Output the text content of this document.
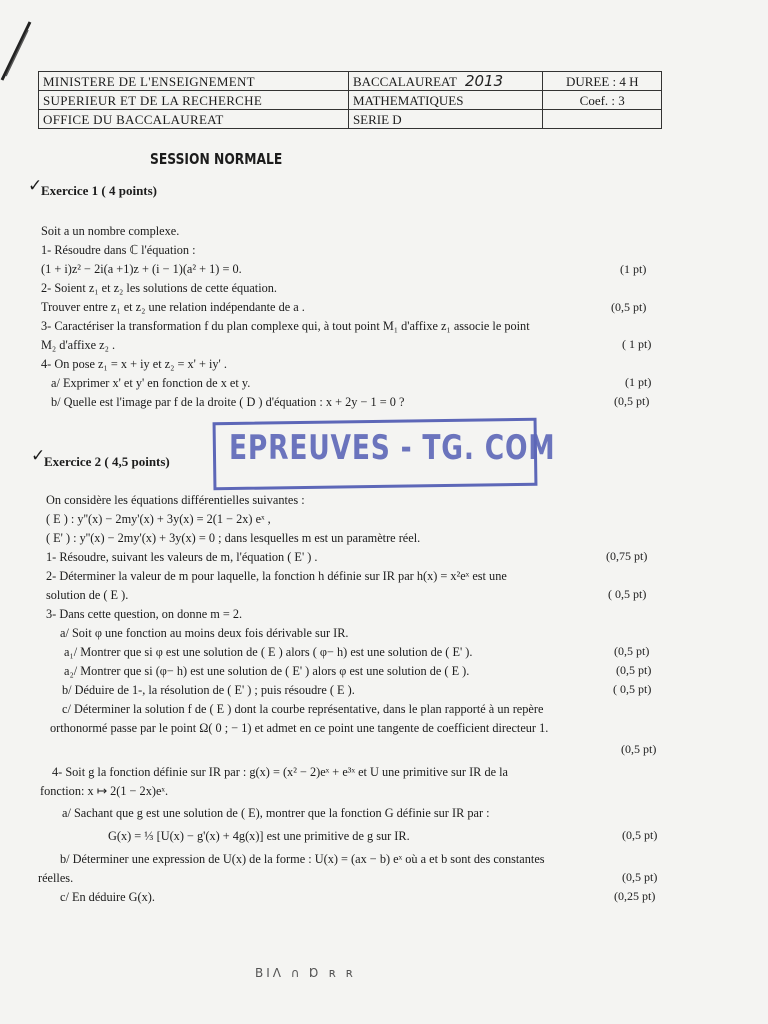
MINISTERE DE L'ENSEIGNEMENT	BACCALAUREAT 2013	DUREE : 4 H
SUPERIEUR ET DE LA RECHERCHE	MATHEMATIQUES	Coef. : 3
OFFICE DU BACCALAUREAT	SERIE D	
SESSION NORMALE
✓
Exercice 1 ( 4 points)
Soit a un nombre complexe.
1- Résoudre dans ℂ l'équation :
(1 + i)z² − 2i(a +1)z + (i − 1)(a² + 1) = 0.	(1 pt)
2- Soient z₁ et z₂ les solutions de cette équation.
Trouver entre z₁ et z₂ une relation indépendante de a .	(0,5 pt)
3- Caractériser la transformation f du plan complexe qui, à tout point M₁ d'affixe z₁ associe le point
M₂ d'affixe z₂ .	( 1 pt)
4- On pose z₁ = x + iy et z₂ = x' + iy' .
a/ Exprimer x' et y' en fonction de x et y.	(1 pt)
b/ Quelle est l'image par f de la droite ( D ) d'équation : x + 2y − 1 = 0 ?	(0,5 pt)
EPREUVES - TG. COM
✓
Exercice 2 ( 4,5 points)
On considère les équations différentielles suivantes :
( E ) : y''(x) − 2my'(x) + 3y(x) = 2(1 − 2x) eˣ ,
( E' ) : y''(x) − 2my'(x) + 3y(x) = 0 ; dans lesquelles m est un paramètre réel.
1- Résoudre, suivant les valeurs de m, l'équation ( E' ) .	(0,75 pt)
2- Déterminer la valeur de m pour laquelle, la fonction h définie sur IR par h(x) = x²eˣ est une
solution de ( E ).	( 0,5 pt)
3- Dans cette question, on donne m = 2.
a/ Soit φ une fonction au moins deux fois dérivable sur IR.
a₁/ Montrer que si φ est une solution de ( E ) alors ( φ− h) est une solution de ( E' ).	(0,5 pt)
a₂/ Montrer que si (φ− h) est une solution de ( E' ) alors φ est une solution de ( E ).	(0,5 pt)
b/ Déduire de 1-, la résolution de ( E' ) ; puis résoudre ( E ).	( 0,5 pt)
c/ Déterminer la solution f de ( E ) dont la courbe représentative, dans le plan rapporté à un repère
orthonormé passe par le point Ω( 0 ; − 1) et admet en ce point une tangente de coefficient directeur 1.
(0,5 pt)
4- Soit g la fonction définie sur IR par : g(x) = (x² − 2)eˣ + e³ˣ et U une primitive sur IR de la
fonction: x ↦ 2(1 − 2x)eˣ.
a/ Sachant que g est une solution de ( E), montrer que la fonction G définie sur IR par :
G(x) = ⅓ [U(x) − g'(x) + 4g(x)] est une primitive de g sur IR.	(0,5 pt)
b/ Déterminer une expression de U(x) de la forme : U(x) = (ax − b) eˣ où a et b sont des constantes
réelles.	(0,5 pt)
c/ En déduire G(x).	(0,25 pt)
ΒΙΛ ∩ Ɒ ʀ ʀ
